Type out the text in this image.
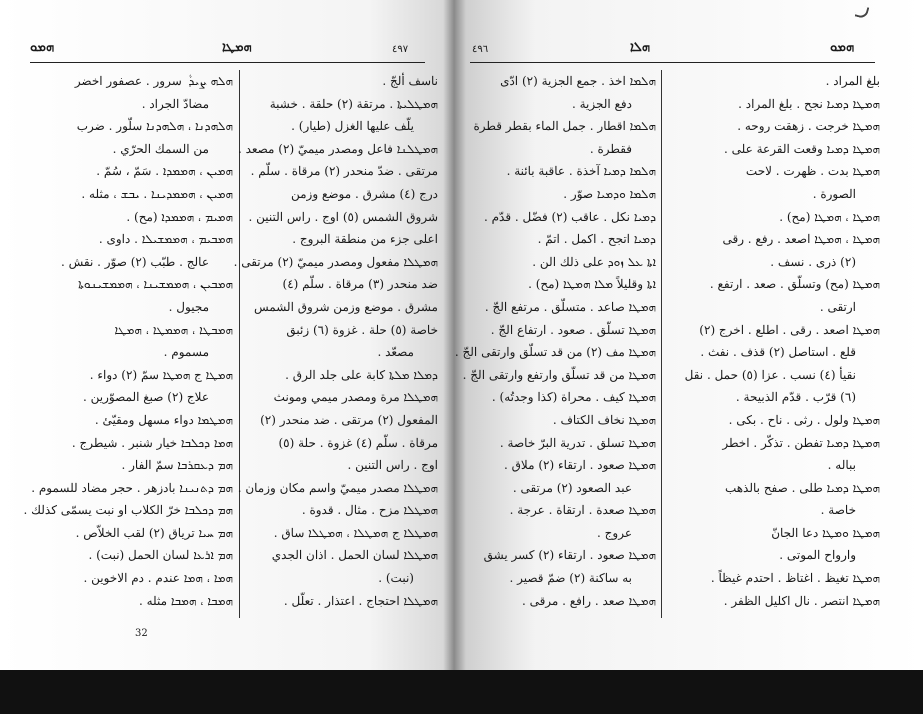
ܗܡܘ	ܗܡܛܐ	٤٩٧
ܗܠܗ ܨܝܕ ܵ سرور . عصفور اخضر
مضادّ الجراد .
ܗܠܗܕܢܐ ، ܗܠܗܕܢܐ سلّور . ضرب
من السمك الحرّي .
ܗܡܝܢ ، ܗܡܡܕܐ . سَمّ ، سُمّ .
ܗܡܝܢ ، ܗܡܡܕܝܢܐ . ܝܒܫ ، مثله .
ܗܡܝܡ ، ܗܡܡܕܐ (مح) .
ܗܡܒܝܡ ، ܗܡܡܫܝܠܐ . داوى .
عالج . طبّب (٢) صوّر . نقش .
ܗܡܒܝܢ ، ܗܡܡܫܝܢܐ ، ܗܡܡܫܝܢܘܬܐ
مجيول .
ܗܡܒܛܐ ، ܗܡܡܛܐ ، ܗܡܛܐ
مسموم .
ܗܡܛܐ ج ܗܡܛܐ سمّ (٢) دواء .
علاج (٢) صبغ المصوّرين .
ܗܡܛܡܐ دواء مسهل ومقيّئ .
ܗܡܐ ܕܟܠܒܐ خيار شنبر . شيطرج .
ܗܡ ܕܥܩܪܒܐ سمّ الفار .
ܗܡ ܕܬܢܝܢܐ بادزهر . حجر مضاد للسموم .
ܗܡ ܕܟܠܒܐ خرّ الكلاب او نبت يسمّى كذلك .
ܗܡ ܚܝܐ ترياق (٢) لقب الخلاّص .
ܗܡ ܐܪܥܐ لسان الحمل (نبت) .
ܗܡܐ ، ܗܡܐ عندم . دم الاخوين .
ܗܡܒܐ ، ܗܡܒܐ مثله .
ناسف ألجّ .
ܗܡܛܠܝܬܐ . مرتقة (٢) حلقة . خشبة
يلّف عليها الغزل (طيار) .
ܗܡܛܠܢܐ فاعل ومصدر ميميّ (٢) مصعد .
مرتقى . ضدّ منحدر (٢) مرقاة . سلّم .
درج (٤) مشرق . موضع وزمن
شروق الشمس (٥) اوج . راس التنين .
اعلى جزء من منطقة البروج .
ܗܡܛܠܐ مفعول ومصدر ميميّ (٢) مرتقى .
ضد منحدر (٣) مرقاة . سلّم (٤)
مشرق . موضع وزمن شروق الشمس
خاصة (٥) حلة . غزوة (٦) زئبق
مصعّد .
ܕܡܠܐ ܡܠܬܐ كابة على جلد الرق .
ܗܡܛܠܐ مرة ومصدر ميمي ومونث
المفعول (٢) مرتقى . ضد منحدر (٢)
مرقاة . سلّم (٤) غزوة . حلة (٥)
اوج . راس التنين .
ܗܡܛܠܐ مصدر ميميّ واسم مكان وزمان .
ܗܡܛܠܐ مزح . مثال . قدوة .
ܗܡܛܠܐ ج ܗܡܛܠܐ ، ܗܡܛܠܐ ساق .
ܗܡܛܠܐ لسان الحمل . اذان الجدي
(نبت) .
ܗܡܛܠܐ احتجاج . اعتذار . تعلّل .
32
٤٩٦	ܗܠܐ	ܗܡܘ
ܗܠܡܐ اخذ . جمع الجزية (٢) ادّى
دفع الجزية .
ܗܠܡܐ اقطار . جمل الماء بقطر قطرة
فقطرة .
ܗܠܡܐ ܕܡܝܐ آخذة . عاقبة بائنة .
ܗܠܡܐ ܘܕܡܝܐ صوّر .
ܕܡܝܐ نكل . عاقب (٢) فضّل . قدّم .
ܕܡܝܐ اتجح . اكمل . اتمّ .
ܐܬܐ ܥܠ ܙܘܕ على ذلك الن .
ܐܬܐ وقليلاً ܡܠܐ ܗܡܛܐ (مح) .
ܗܡܛܐ صاعد . متسلّق . مرتفع الجّ .
ܗܡܛܐ تسلّق . صعود . ارتفاع الجّ .
ܗܡܛܐ مف (٢) من قد تسلّق وارتقى الجّ .
ܗܡܛܐ من قد تسلّق وارتفع وارتقى الجّ .
ܗܡܛܐ كيف . محراة (كذا وجدتُه) .
ܗܡܛܐ نخاف الكتاف .
ܗܡܛܐ تسلق . تدرية البرّ خاصة .
ܗܡܛܐ صعود . ارتقاء (٢) ملاق .
عبد الصعود (٢) مرتقى .
ܗܡܛܐ صعدة . ارتقاة . عرجة .
عروج .
ܗܡܛܐ صعود . ارتقاء (٢) كسر يشق
به ساكنة (٢) ضمّ قصير .
ܗܡܛܐ صعد . رافع . مرقى .
بلغ المراد .
ܗܡܛܐ ܕܡܝܐ نجح . بلغ المراد .
ܗܡܛܐ خرجت . زهقت روحه .
ܗܡܛܐ ܕܡܝܐ وقعت القرعة على .
ܗܡܛܐ بدت . ظهرت . لاحت
الصورة .
ܗܡܛܐ ، ܗܡܛܐ (مح) .
ܗܡܛܐ ، ܗܡܛܐ اصعد . رفع . رقى
(٢) ذرى . نسف .
ܗܡܛܐ (مح) وتسلّق . صعد . ارتفع .
ارتقى .
ܗܡܛܐ اصعد . رقى . اطلع . اخرج (٢)
قلع . استاصل (٢) قذف . نفث .
نقيأ (٤) نسب . عزا (٥) حمل . نقل
(٦) قرّب . قدّم الذبيحة .
ܗܡܛܐ ولول . رثى . ناح . بكى .
ܗܡܛܐ ܕܡܝܐ تفطن . تذكّر . اخطر
بباله .
ܗܡܛܐ ܕܡܝܐ طلى . صفح بالذهب
خاصة .
ܗܡܛܐ ܘܡܛܐ دعا الجانّ
وارواح الموتى .
ܗܡܛܐ تغيظ . اغتاظ . احتدم غيظاً .
ܗܡܛܐ انتصر . نال اكليل الظفر .
